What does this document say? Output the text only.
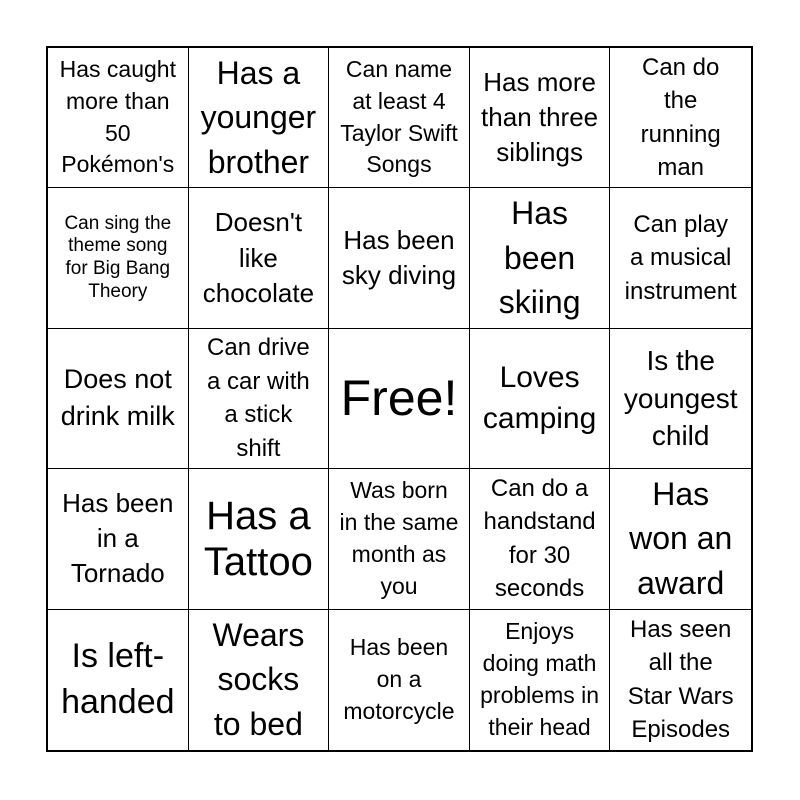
Has caught
more than
50
Pokémon's
Has a
younger
brother
Can name
at least 4
Taylor Swift
Songs
Has more
than three
siblings
Can do
the
running
man
Can sing the
theme song
for Big Bang
Theory
Doesn't
like
chocolate
Has been
sky diving
Has
been
skiing
Can play
a musical
instrument
Does not
drink milk
Can drive
a car with
a stick
shift
Free!	Loves
camping
Is the
youngest
child
Has been
in a
Tornado
Has a
Tattoo
Was born
in the same
month as
you
Can do a
handstand
for 30
seconds
Has
won an
award
Is left-
handed
Wears
socks
to bed
Has been
on a
motorcycle
Enjoys
doing math
problems in
their head
Has seen
all the
Star Wars
Episodes
